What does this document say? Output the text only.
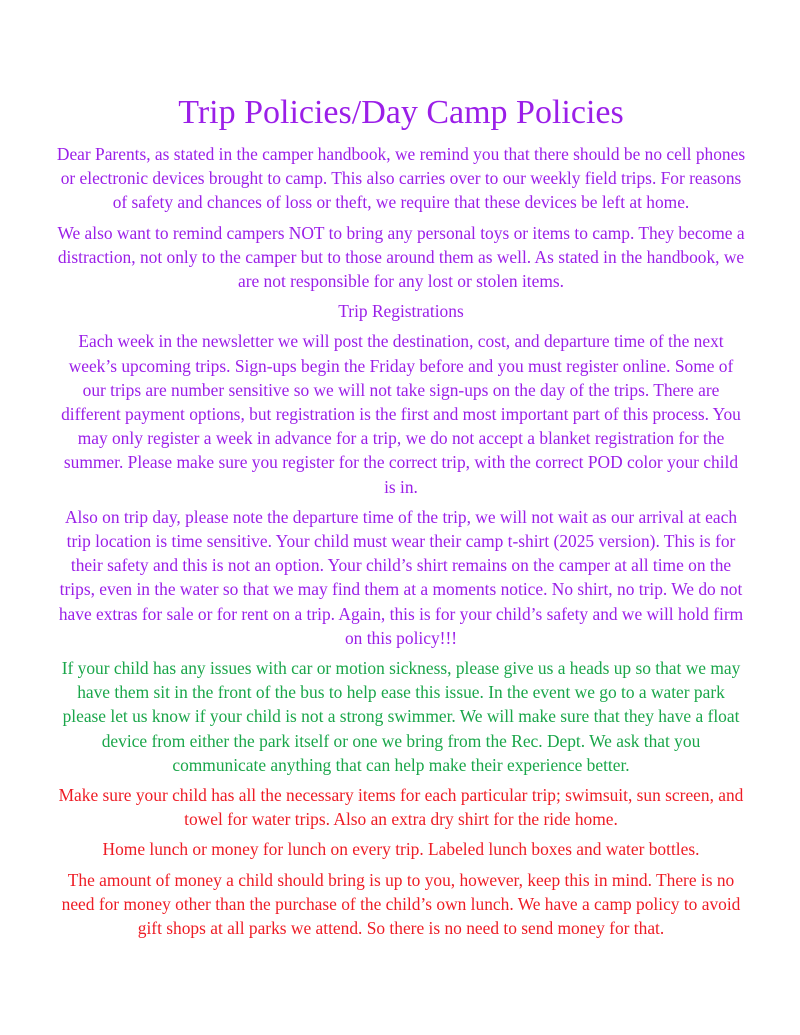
Trip Policies/Day Camp Policies

Dear Parents, as stated in the camper handbook, we remind you that there should be no cell phones or electronic devices brought to camp. This also carries over to our weekly field trips. For reasons of safety and chances of loss or theft, we require that these devices be left at home.

We also want to remind campers NOT to bring any personal toys or items to camp. They become a distraction, not only to the camper but to those around them as well. As stated in the handbook, we are not responsible for any lost or stolen items.

Trip Registrations

Each week in the newsletter we will post the destination, cost, and departure time of the next week’s upcoming trips. Sign-ups begin the Friday before and you must register online. Some of our trips are number sensitive so we will not take sign-ups on the day of the trips. There are different payment options, but registration is the first and most important part of this process. You may only register a week in advance for a trip, we do not accept a blanket registration for the summer. Please make sure you register for the correct trip, with the correct POD color your child is in.

Also on trip day, please note the departure time of the trip, we will not wait as our arrival at each trip location is time sensitive. Your child must wear their camp t-shirt (2025 version). This is for their safety and this is not an option. Your child’s shirt remains on the camper at all time on the trips, even in the water so that we may find them at a moments notice. No shirt, no trip. We do not have extras for sale or for rent on a trip. Again, this is for your child’s safety and we will hold firm on this policy!!!

If your child has any issues with car or motion sickness, please give us a heads up so that we may have them sit in the front of the bus to help ease this issue. In the event we go to a water park please let us know if your child is not a strong swimmer. We will make sure that they have a float device from either the park itself or one we bring from the Rec. Dept. We ask that you communicate anything that can help make their experience better.

Make sure your child has all the necessary items for each particular trip; swimsuit, sun screen, and towel for water trips. Also an extra dry shirt for the ride home.

Home lunch or money for lunch on every trip. Labeled lunch boxes and water bottles.

The amount of money a child should bring is up to you, however, keep this in mind. There is no need for money other than the purchase of the child’s own lunch. We have a camp policy to avoid gift shops at all parks we attend. So there is no need to send money for that.
